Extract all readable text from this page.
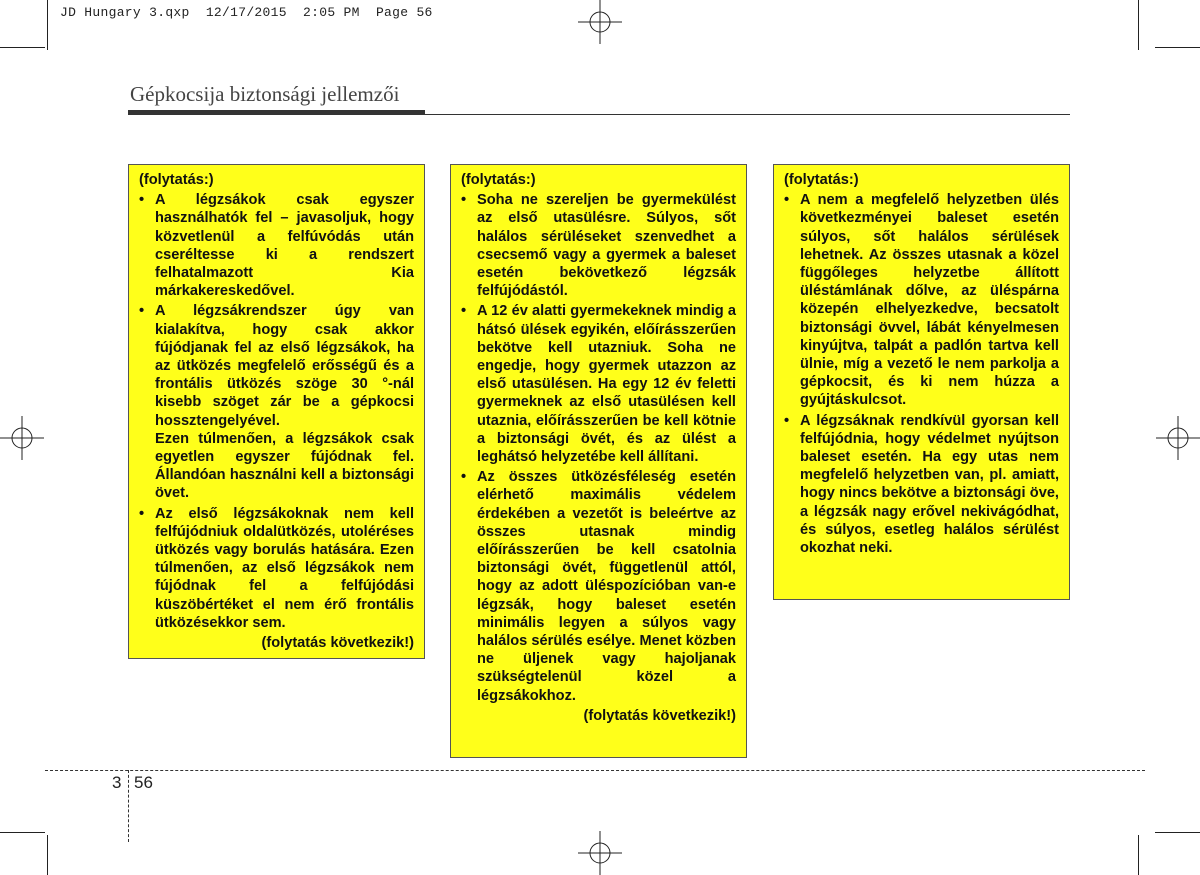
JD Hungary 3.qxp  12/17/2015  2:05 PM  Page 56
Gépkocsija biztonsági jellemzői
(folytatás:)
• A légzsákok csak egyszer használhatók fel – javasoljuk, hogy közvetlenül a felfúvódás után cseréltesse ki a rendszert felhatalmazott Kia márkakereskedővel.
• A légzsákrendszer úgy van kialakítva, hogy csak akkor fújódjanak fel az első légzsákok, ha az ütközés megfelelő erősségű és a frontális ütközés szöge 30 °-nál kisebb szöget zár be a gépkocsi hossztengelyével.
Ezen túlmenően, a légzsákok csak egyetlen egyszer fújódnak fel. Állandóan használni kell a biztonsági övet.
• Az első légzsákoknak nem kell felfújódniuk oldalütközés, utoléréses ütközés vagy borulás hatására. Ezen túlmenően, az első légzsákok nem fújódnak fel a felfújódási küszöbértéket el nem érő frontális ütközésekkor sem.
(folytatás következik!)
(folytatás:)
• Soha ne szereljen be gyermekülést az első utasülésre. Súlyos, sőt halálos sérüléseket szenvedhet a csecsemő vagy a gyermek a baleset esetén bekövetkező légzsák felfújódástól.
• A 12 év alatti gyermekeknek mindig a hátsó ülések egyikén, előírásszerűen bekötve kell utazniuk. Soha ne engedje, hogy gyermek utazzon az első utasülésen. Ha egy 12 év feletti gyermeknek az első utasülésen kell utaznia, előírásszerűen be kell kötnie a biztonsági övét, és az ülést a leghátsó helyzetébe kell állítani.
• Az összes ütközésféleség esetén elérhető maximális védelem érdekében a vezetőt is beleértve az összes utasnak mindig előírásszerűen be kell csatolnia biztonsági övét, függetlenül attól, hogy az adott üléspozícióban van-e légzsák, hogy baleset esetén minimális legyen a súlyos vagy halálos sérülés esélye. Menet közben ne üljenek vagy hajoljanak szükségtelenül közel a légzsákokhoz.
(folytatás következik!)
(folytatás:)
• A nem a megfelelő helyzetben ülés következményei baleset esetén súlyos, sőt halálos sérülések lehetnek. Az összes utasnak a közel függőleges helyzetbe állított üléstámlának dőlve, az üléspárna közepén elhelyezkedve, becsatolt biztonsági övvel, lábát kényelmesen kinyújtva, talpát a padlón tartva kell ülnie, míg a vezető le nem parkolja a gépkocsit, és ki nem húzza a gyújtáskulcsot.
• A légzsáknak rendkívül gyorsan kell felfújódnia, hogy védelmet nyújtson baleset esetén. Ha egy utas nem megfelelő helyzetben van, pl. amiatt, hogy nincs bekötve a biztonsági öve, a légzsák nagy erővel nekivágódhat, és súlyos, esetleg halálos sérülést okozhat neki.
3 56
